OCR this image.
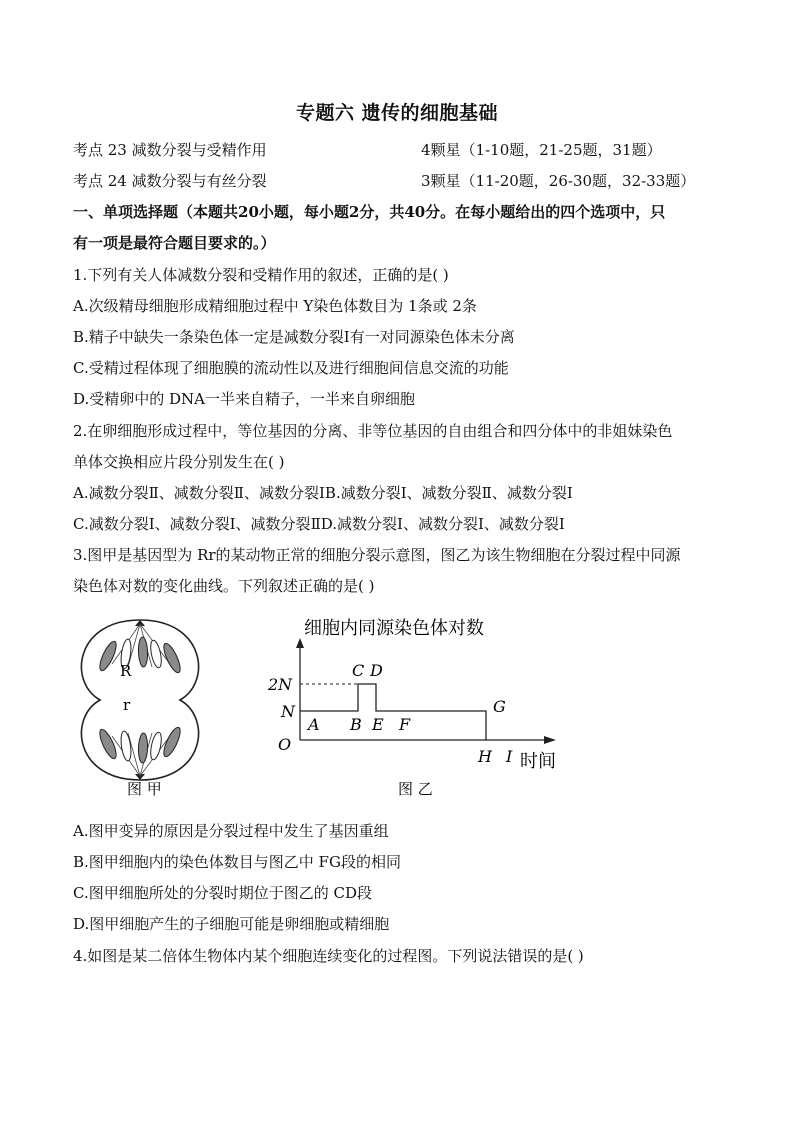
专题六 遗传的细胞基础
考点 23 减数分裂与受精作用	4颗星（1-10题，21-25题，31题）
考点 24 减数分裂与有丝分裂	3颗星（11-20题，26-30题，32-33题）
一、单项选择题（本题共20小题，每小题2分，共40分。在每小题给出的四个选项中，只
有一项是最符合题目要求的。）
1.下列有关人体减数分裂和受精作用的叙述，正确的是( )
A.次级精母细胞形成精细胞过程中 Y染色体数目为 1条或 2条
B.精子中缺失一条染色体一定是减数分裂Ⅰ有一对同源染色体未分离
C.受精过程体现了细胞膜的流动性以及进行细胞间信息交流的功能
D.受精卵中的 DNA一半来自精子，一半来自卵细胞
2.在卵细胞形成过程中，等位基因的分离、非等位基因的自由组合和四分体中的非姐妹染色
单体交换相应片段分别发生在( )
A.减数分裂Ⅱ、减数分裂Ⅱ、减数分裂ⅠB.减数分裂Ⅰ、减数分裂Ⅱ、减数分裂Ⅰ
C.减数分裂Ⅰ、减数分裂Ⅰ、减数分裂ⅡD.减数分裂Ⅰ、减数分裂Ⅰ、减数分裂Ⅰ
3.图甲是基因型为 Rr的某动物正常的细胞分裂示意图，图乙为该生物细胞在分裂过程中同源
染色体对数的变化曲线。下列叙述正确的是( )
R
r
图 甲
细胞内同源染色体对数
2N
N
O
A B
C D
E F
G
H I 时间
图 乙
A.图甲变异的原因是分裂过程中发生了基因重组
B.图甲细胞内的染色体数目与图乙中 FG段的相同
C.图甲细胞所处的分裂时期位于图乙的 CD段
D.图甲细胞产生的子细胞可能是卵细胞或精细胞
4.如图是某二倍体生物体内某个细胞连续变化的过程图。下列说法错误的是( )
